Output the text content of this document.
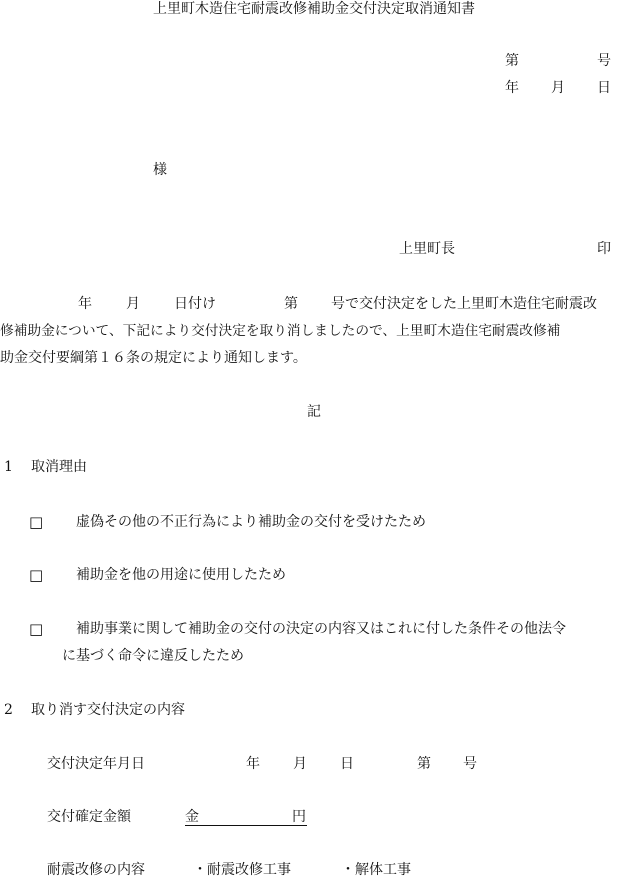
上里町木造住宅耐震改修補助金交付決定取消通知書
第	号
年 月 日
様
上里町長	印
年 月 日付け	第 号で交付決定をした上里町木造住宅耐震改
修補助金について、下記により交付決定を取り消しましたので、上里町木造住宅耐震改修補
助金交付要綱第１６条の規定により通知します。
記
1 取消理由
□ 虚偽その他の不正行為により補助金の交付を受けたため
□ 補助金を他の用途に使用したため
□ 補助事業に関して補助金の交付の決定の内容又はこれに付した条件その他法令
に基づく命令に違反したため
2 取り消す交付決定の内容
交付決定年月日	年 月 日	第 号
交付確定金額	金	円
耐震改修の内容	・耐震改修工事	・解体工事
